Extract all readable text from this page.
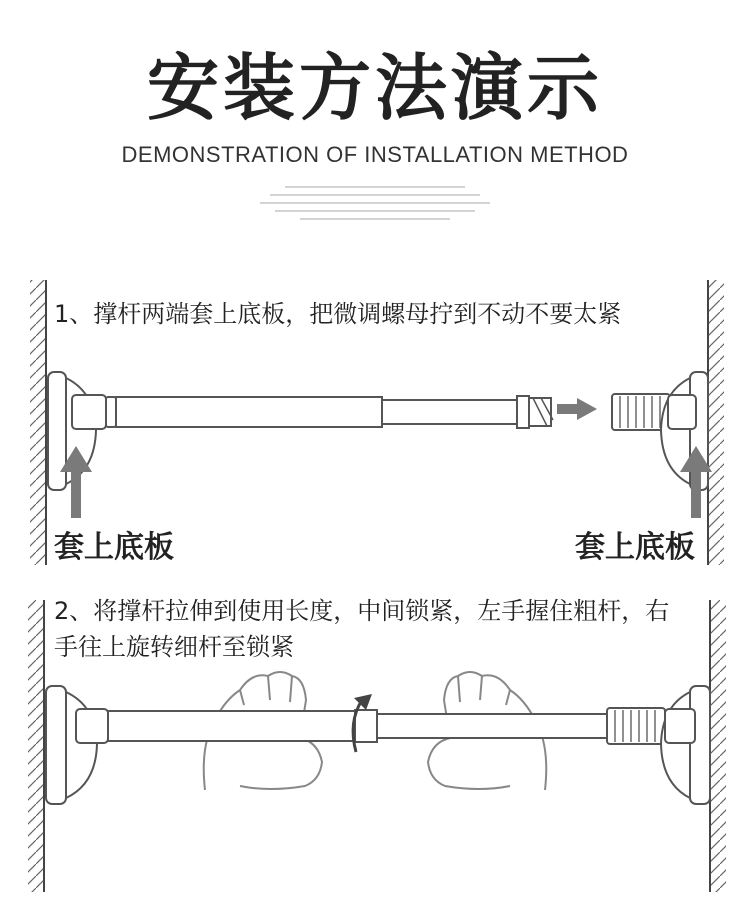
安装方法演示
DEMONSTRATION OF INSTALLATION METHOD
1、撑杆两端套上底板，把微调螺母拧到不动不要太紧
套上底板	套上底板
2、将撑杆拉伸到使用长度，中间锁紧，左手握住粗杆，右手往上旋转细杆至锁紧
